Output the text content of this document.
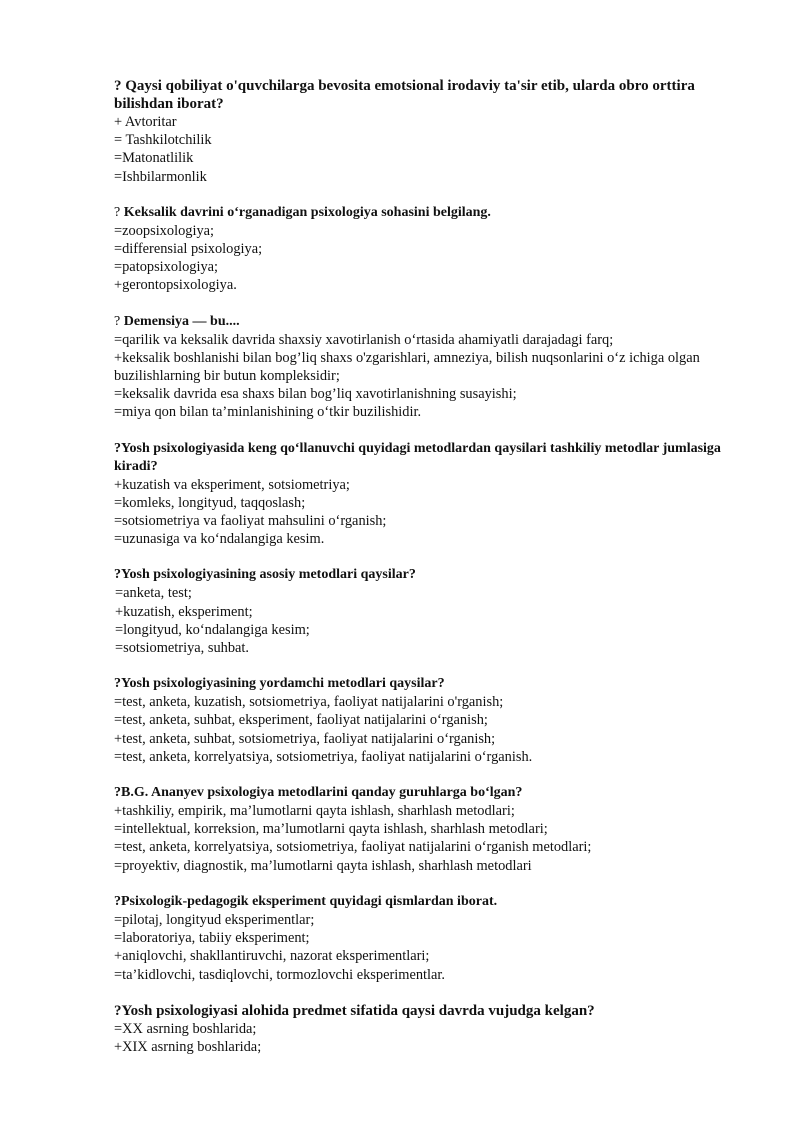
? Qaysi qobiliyat o'quvchilarga bevosita emotsional irodaviy ta'sir etib, ularda obro orttira bilishdan iborat?

+ Avtoritar
= Tashkilotchilik
=Matonatlilik
=Ishbilarmonlik

? Keksalik davrini o‘rganadigan psixologiya sohasini belgilang.

=zoopsixologiya;
=differensial psixologiya;
=patopsixologiya;
+gerontopsixologiya.

? Demensiya — bu....

=qarilik va keksalik davrida shaxsiy xavotirlanish o‘rtasida ahamiyatli darajadagi farq;
+keksalik boshlanishi bilan bog’liq shaxs o'zgarishlari, amneziya, bilish nuqsonlarini o‘z ichiga olgan buzilishlarning bir butun kompleksidir;
=keksalik davrida esa shaxs bilan bog’liq xavotirlanishning susayishi;
=miya qon bilan ta’minlanishining o‘tkir buzilishidir.

?Yosh psixologiyasida keng qo‘llanuvchi quyidagi metodlardan qaysilari tashkiliy metodlar jumlasiga kiradi?

+kuzatish va eksperiment, sotsiometriya;
=komleks, longityud, taqqoslash;
=sotsiometriya va faoliyat mahsulini o‘rganish;
=uzunasiga va ko‘ndalangiga kesim.

?Yosh psixologiyasining asosiy metodlari qaysilar?

=anketa, test;
+kuzatish, eksperiment;
=longityud, ko‘ndalangiga kesim;
=sotsiometriya, suhbat.

?Yosh psixologiyasining yordamchi metodlari qaysilar?

=test, anketa, kuzatish, sotsiometriya, faoliyat natijalarini o'rganish;
=test, anketa, suhbat, eksperiment, faoliyat natijalarini o‘rganish;
+test, anketa, suhbat, sotsiometriya, faoliyat natijalarini o‘rganish;
=test, anketa, korrelyatsiya, sotsiometriya, faoliyat natijalarini o‘rganish.

?B.G. Ananyev psixologiya metodlarini qanday guruhlarga bo‘lgan?

+tashkiliy, empirik, ma’lumotlarni qayta ishlash, sharhlash metodlari;
=intellektual, korreksion, ma’lumotlarni qayta ishlash, sharhlash metodlari;
=test, anketa, korrelyatsiya, sotsiometriya, faoliyat natijalarini o‘rganish metodlari;
=proyektiv, diagnostik, ma’lumotlarni qayta ishlash, sharhlash metodlari

?Psixologik-pedagogik eksperiment quyidagi qismlardan iborat.

=pilotaj, longityud eksperimentlar;
=laboratoriya, tabiiy eksperiment;
+aniqlovchi, shakllantiruvchi, nazorat eksperimentlari;
=ta’kidlovchi, tasdiqlovchi, tormozlovchi eksperimentlar.

?Yosh psixologiyasi alohida predmet sifatida qaysi davrda vujudga kelgan?

=XX asrning boshlarida;
+XIX asrning boshlarida;
